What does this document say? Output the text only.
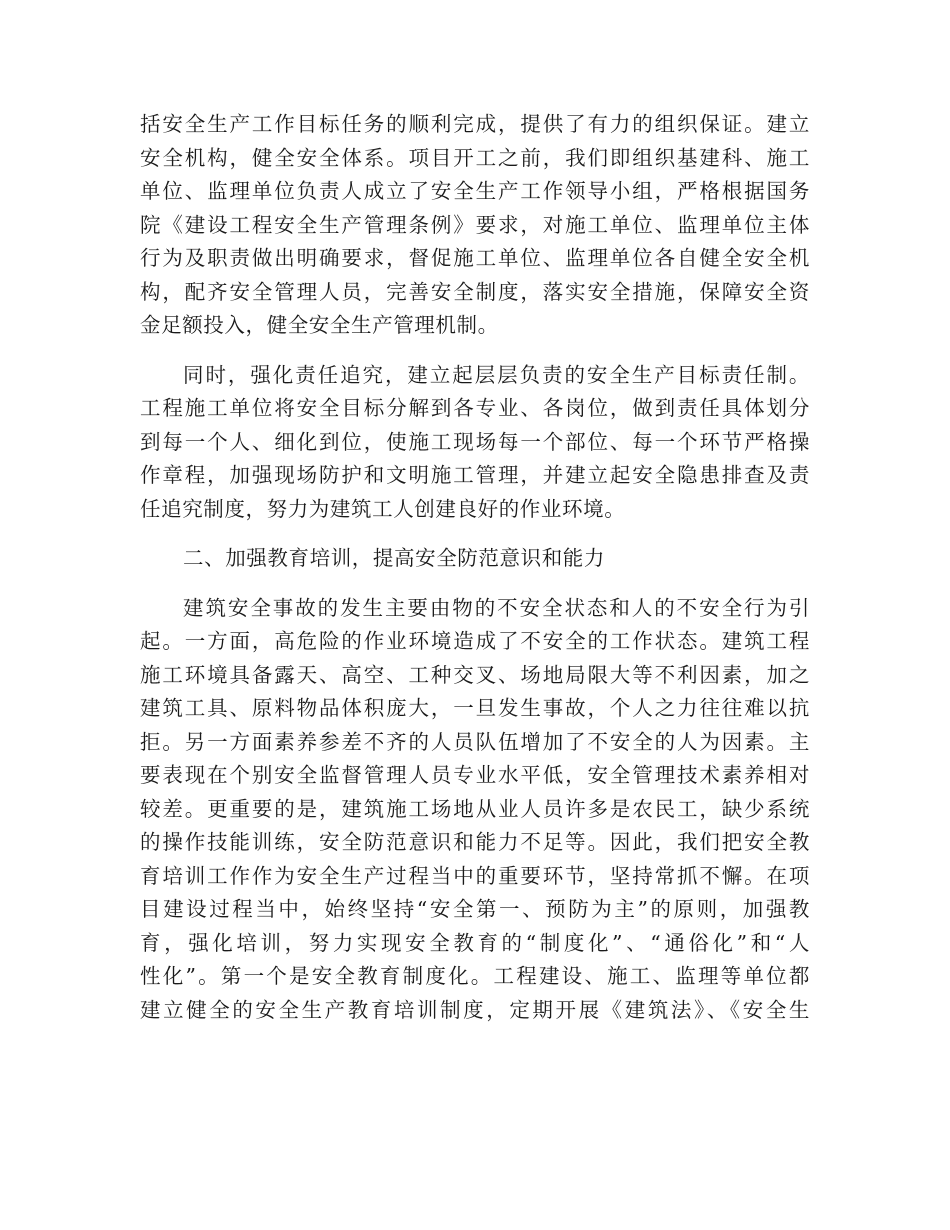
括安全生产工作目标任务的顺利完成，提供了有力的组织保证。建立
安全机构，健全安全体系。项目开工之前，我们即组织基建科、施工
单位、监理单位负责人成立了安全生产工作领导小组，严格根据国务
院《建设工程安全生产管理条例》要求，对施工单位、监理单位主体
行为及职责做出明确要求，督促施工单位、监理单位各自健全安全机
构，配齐安全管理人员，完善安全制度，落实安全措施，保障安全资
金足额投入，健全安全生产管理机制。
同时，强化责任追究，建立起层层负责的安全生产目标责任制。
工程施工单位将安全目标分解到各专业、各岗位，做到责任具体划分
到每一个人、细化到位，使施工现场每一个部位、每一个环节严格操
作章程，加强现场防护和文明施工管理，并建立起安全隐患排查及责
任追究制度，努力为建筑工人创建良好的作业环境。
二、加强教育培训，提高安全防范意识和能力
建筑安全事故的发生主要由物的不安全状态和人的不安全行为引
起。一方面，高危险的作业环境造成了不安全的工作状态。建筑工程
施工环境具备露天、高空、工种交叉、场地局限大等不利因素，加之
建筑工具、原料物品体积庞大，一旦发生事故，个人之力往往难以抗
拒。另一方面素养参差不齐的人员队伍增加了不安全的人为因素。主
要表现在个别安全监督管理人员专业水平低，安全管理技术素养相对
较差。更重要的是，建筑施工场地从业人员许多是农民工，缺少系统
的操作技能训练，安全防范意识和能力不足等。因此，我们把安全教
育培训工作作为安全生产过程当中的重要环节，坚持常抓不懈。在项
目建设过程当中，始终坚持“安全第一、预防为主”的原则，加强教
育，强化培训，努力实现安全教育的“制度化”、“通俗化”和“人
性化”。第一个是安全教育制度化。工程建设、施工、监理等单位都
建立健全的安全生产教育培训制度，定期开展《建筑法》、《安全生
